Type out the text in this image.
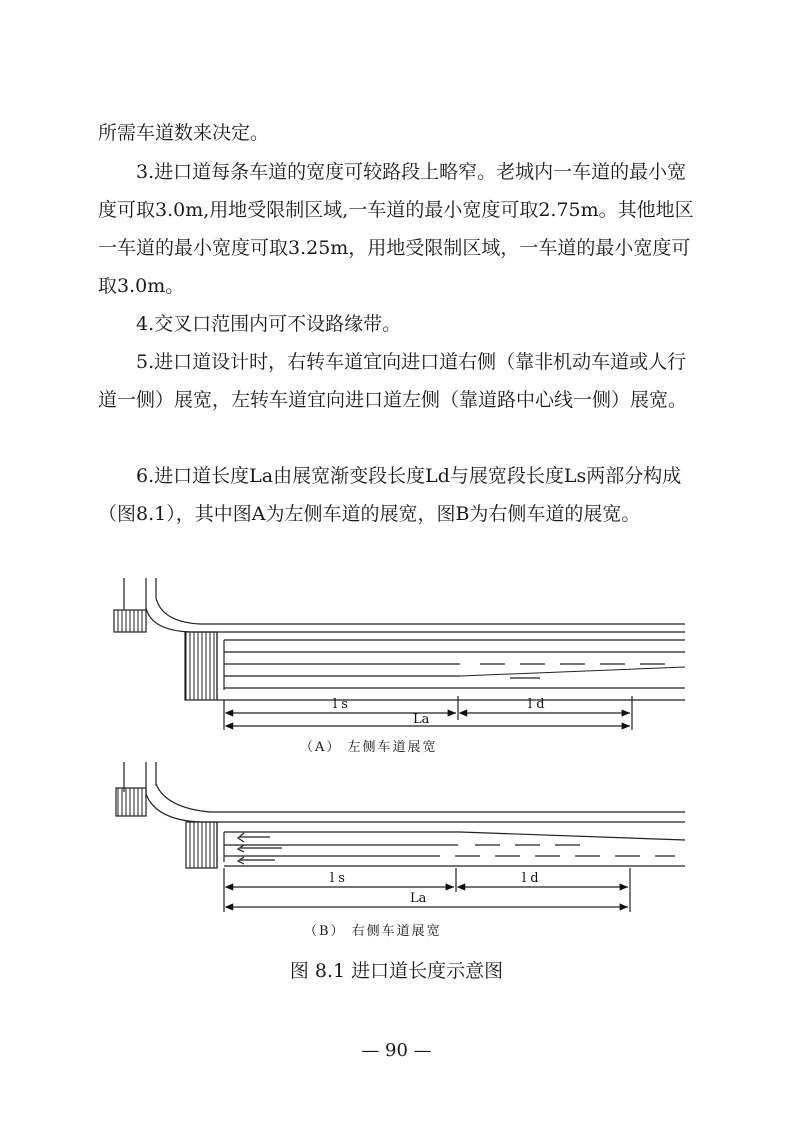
所需车道数来决定。

3.进口道每条车道的宽度可较路段上略窄。老城内一车道的最小宽度可取3.0m,用地受限制区域,一车道的最小宽度可取2.75m。其他地区一车道的最小宽度可取3.25m，用地受限制区域，一车道的最小宽度可取3.0m。

4.交叉口范围内可不设路缘带。

5.进口道设计时，右转车道宜向进口道右侧（靠非机动车道或人行道一侧）展宽，左转车道宜向进口道左侧（靠道路中心线一侧）展宽。

6.进口道长度La由展宽渐变段长度Ld与展宽段长度Ls两部分构成（图8.1），其中图A为左侧车道的展宽，图B为右侧车道的展宽。

l s	l d
La
（A） 左侧车道展宽
l s	l d
La
（B） 右侧车道展宽
图 8.1 进口道长度示意图
— 90 —
